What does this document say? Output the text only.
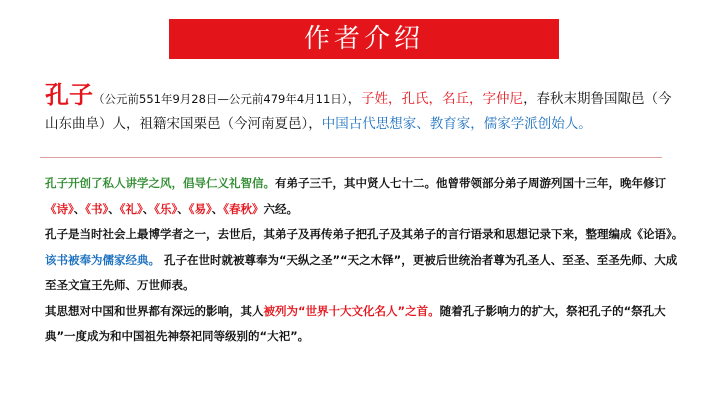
作者介绍
孔子（公元前551年9月28日—公元前479年4月11日），子姓，孔氏，名丘，字仲尼，春秋末期鲁国陬邑（今山东曲阜）人，祖籍宋国栗邑（今河南夏邑），中国古代思想家、教育家，儒家学派创始人。

孔子开创了私人讲学之风，倡导仁义礼智信。有弟子三千，其中贤人七十二。他曾带领部分弟子周游列国十三年，晚年修订《诗》、《书》、《礼》、《乐》、《易》、《春秋》六经。

孔子是当时社会上最博学者之一，去世后，其弟子及再传弟子把孔子及其弟子的言行语录和思想记录下来，整理编成《论语》。该书被奉为儒家经典。 孔子在世时就被尊奉为“天纵之圣”“天之木铎”，更被后世统治者尊为孔圣人、至圣、至圣先师、大成至圣文宣王先师、万世师表。

其思想对中国和世界都有深远的影响，其人被列为“世界十大文化名人”之首。随着孔子影响力的扩大，祭祀孔子的“祭孔大典”一度成为和中国祖先神祭祀同等级别的“大祀”。
